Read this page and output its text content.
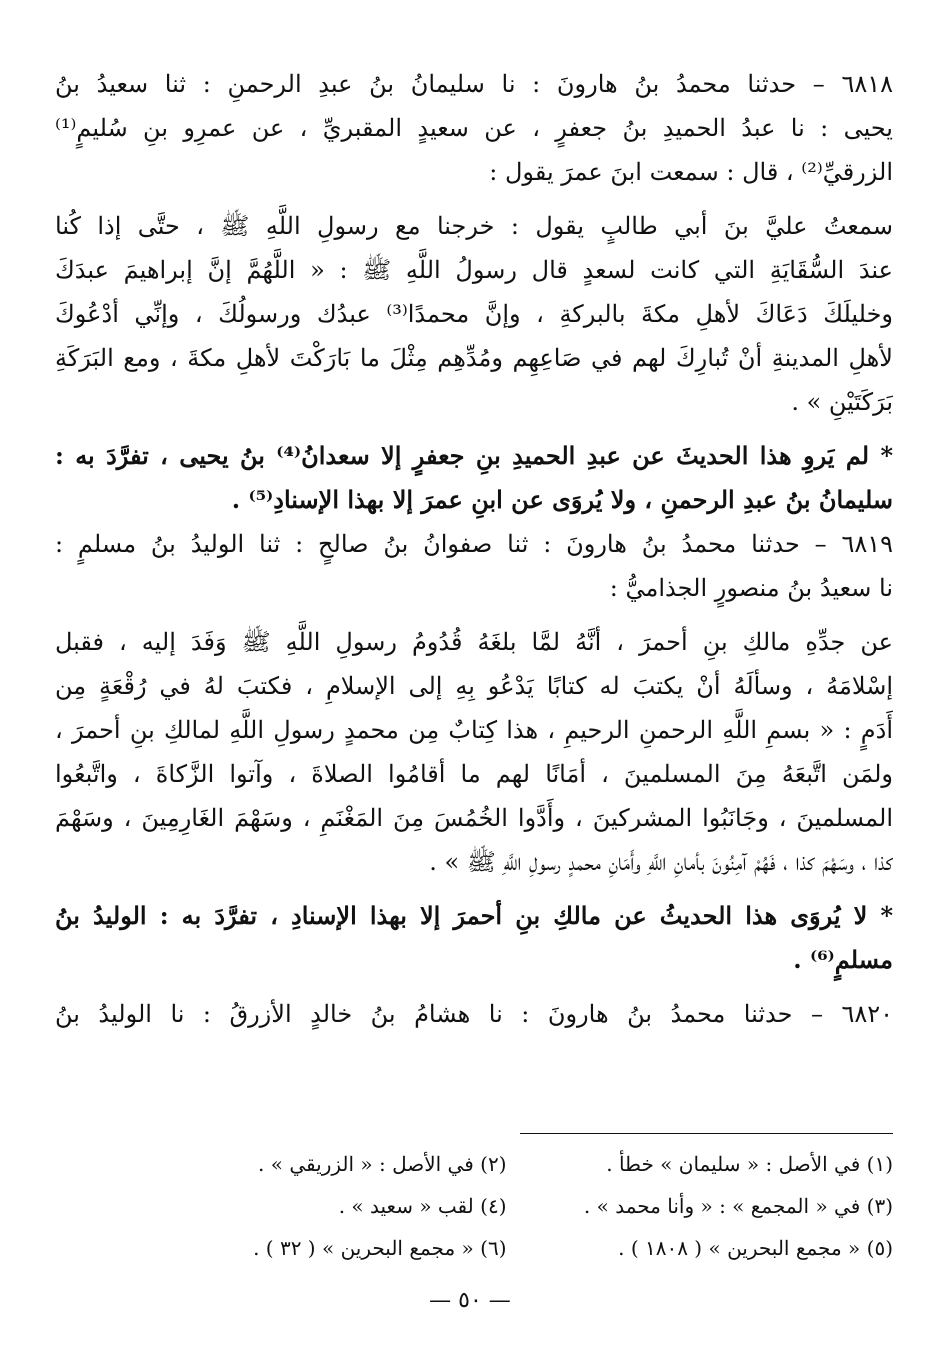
٦٨١٨ – حدثنا محمدُ بنُ هارونَ : نا سليمانُ بنُ عبدِ الرحمنِ : ثنا سعيدُ بنُ
يحيى : نا عبدُ الحميدِ بنُ جعفرٍ ، عن سعيدٍ المقبريِّ ، عن عمرِو بنِ سُليمٍ⁽¹⁾
الزرقيِّ⁽²⁾ ، قال : سمعت ابنَ عمرَ يقول :
سمعتُ عليَّ بنَ أبي طالبٍ يقول : خرجنا مع رسولِ اللَّهِ ﷺ ، حتَّى إذا كُنا
عندَ السُّقَايَةِ التي كانت لسعدٍ قال رسولُ اللَّهِ ﷺ : « اللَّهُمَّ إنَّ إبراهيمَ عبدَكَ
وخليلَكَ دَعَاكَ لأهلِ مكةَ بالبركةِ ، وإنَّ محمدًا⁽³⁾ عبدُك ورسولُكَ ، وإنِّي أدْعُوكَ
لأهلِ المدينةِ أنْ تُبارِكَ لهم في صَاعِهِم ومُدِّهِم مِثْلَ ما بَارَكْتَ لأهلِ مكةَ ، ومع البَرَكَةِ
بَرَكَتَيْنِ » .
* لم يَروِ هذا الحديثَ عن عبدِ الحميدِ بنِ جعفرٍ إلا سعدانُ⁽⁴⁾ بنُ يحيى ، تفرَّدَ به :
سليمانُ بنُ عبدِ الرحمنِ ، ولا يُروَى عن ابنِ عمرَ إلا بهذا الإسنادِ⁽⁵⁾ .
٦٨١٩ – حدثنا محمدُ بنُ هارونَ : ثنا صفوانُ بنُ صالحٍ : ثنا الوليدُ بنُ مسلمٍ :
نا سعيدُ بنُ منصورٍ الجذاميُّ :
عن جدِّهِ مالكِ بنِ أحمرَ ، أنَّهُ لمَّا بلغَهُ قُدُومُ رسولِ اللَّهِ ﷺ وَفَدَ إليه ، فقبل
إسْلامَهُ ، وسألَهُ أنْ يكتبَ له كتابًا يَدْعُو بِهِ إلى الإسلامِ ، فكتبَ لهُ في رُقْعَةٍ مِن
أَدَمٍ : « بسمِ اللَّهِ الرحمنِ الرحيمِ ، هذا كِتابٌ مِن محمدٍ رسولِ اللَّهِ لمالكِ بنِ أحمرَ ،
ولمَن اتَّبعَهُ مِنَ المسلمينَ ، أمَانًا لهم ما أقامُوا الصلاةَ ، وآتوا الزَّكاةَ ، واتَّبعُوا
المسلمينَ ، وجَانَبُوا المشركينَ ، وأَدَّوا الخُمُسَ مِنَ المَغْنَمِ ، وسَهْمَ الغَارِمِينَ ، وسَهْمَ
كذا ، وسَهْمَ كذا ، فَهُمْ آمِنُونَ بأمانِ اللَّهِ وأَمَانِ محمدٍ رسولِ اللَّهِ ﷺ » .
* لا يُروَى هذا الحديثُ عن مالكِ بنِ أحمرَ إلا بهذا الإسنادِ ، تفرَّدَ به : الوليدُ بنُ
مسلمٍ⁽⁶⁾ .
٦٨٢٠ – حدثنا محمدُ بنُ هارونَ : نا هشامُ بنُ خالدٍ الأزرقُ : نا الوليدُ بنُ
(١) في الأصل : « سليمان » خطأ .
(٢) في الأصل : « الزريقي » .
(٣) في « المجمع » : « وأنا محمد » .
(٤) لقب « سعيد » .
(٥) « مجمع البحرين » ( ١٨٠٨ ) .
(٦) « مجمع البحرين » ( ٣٢ ) .
— ٥٠ —
